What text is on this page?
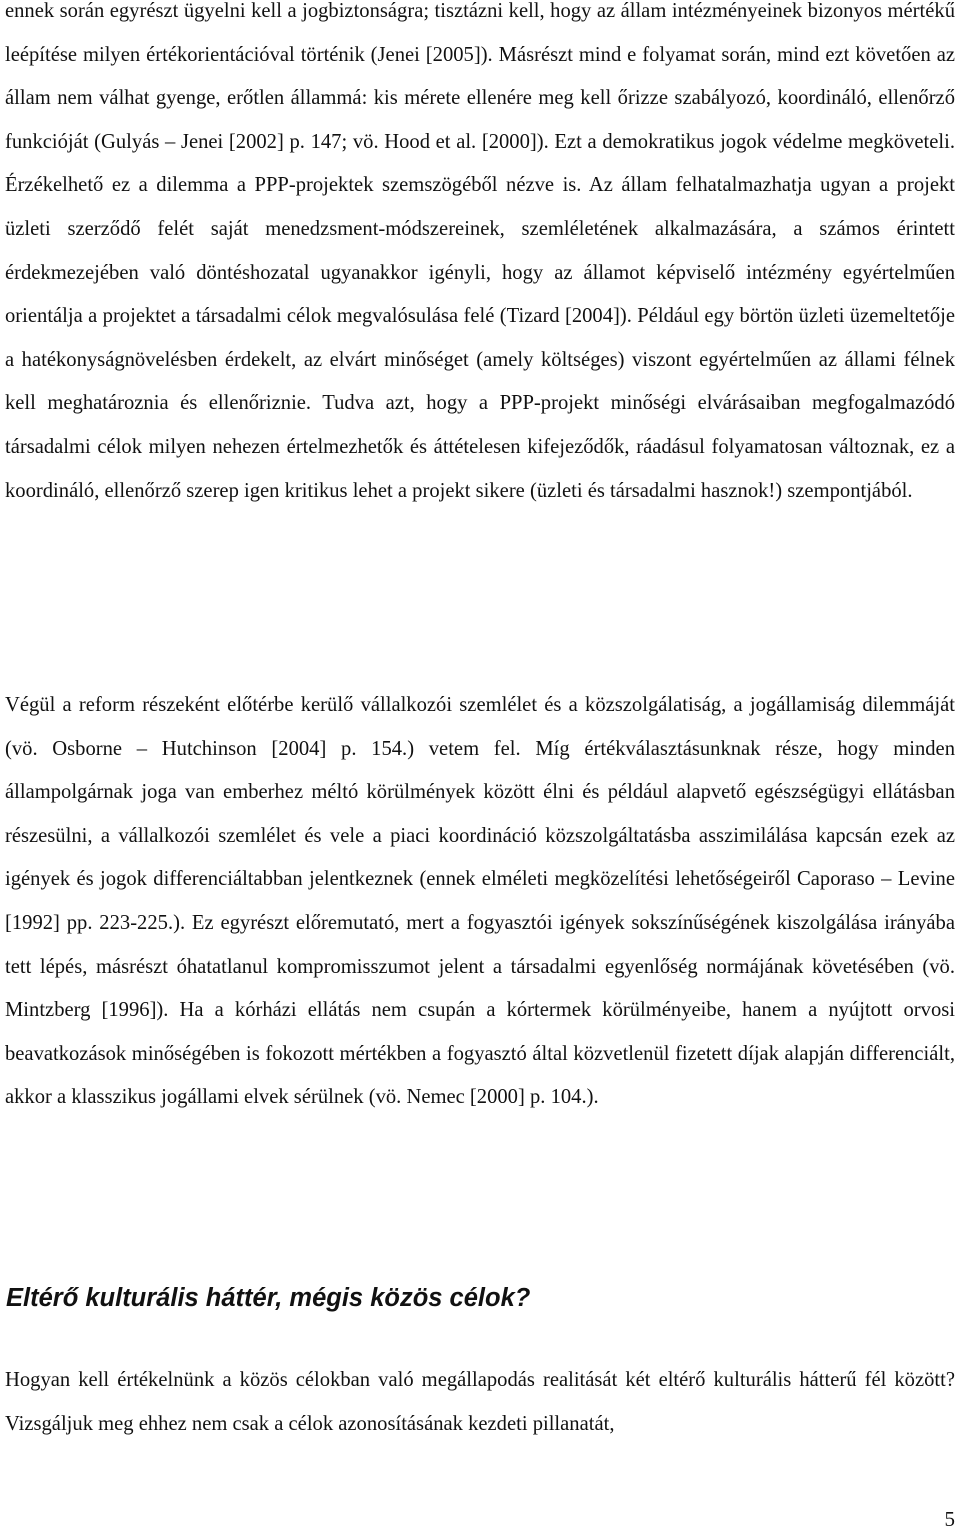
ennek során egyrészt ügyelni kell a jogbiztonságra; tisztázni kell, hogy az állam intézményeinek bizonyos mértékű leépítése milyen értékorientációval történik (Jenei [2005]). Másrészt mind e folyamat során, mind ezt követően az állam nem válhat gyenge, erőtlen állammá: kis mérete ellenére meg kell őrizze szabályozó, koordináló, ellenőrző funkcióját (Gulyás – Jenei [2002] p. 147; vö. Hood et al. [2000]). Ezt a demokratikus jogok védelme megköveteli. Érzékelhető ez a dilemma a PPP-projektek szemszögéből nézve is. Az állam felhatalmazhatja ugyan a projekt üzleti szerződő felét saját menedzsment-módszereinek, szemléletének alkalmazására, a számos érintett érdekmezejében való döntéshozatal ugyanakkor igényli, hogy az államot képviselő intézmény egyértelműen orientálja a projektet a társadalmi célok megvalósulása felé (Tizard [2004]). Például egy börtön üzleti üzemeltetője a hatékonyságnövelésben érdekelt, az elvárt minőséget (amely költséges) viszont egyértelműen az állami félnek kell meghatároznia és ellenőriznie. Tudva azt, hogy a PPP-projekt minőségi elvárásaiban megfogalmazódó társadalmi célok milyen nehezen értelmezhetők és áttételesen kifejeződők, ráadásul folyamatosan változnak, ez a koordináló, ellenőrző szerep igen kritikus lehet a projekt sikere (üzleti és társadalmi hasznok!) szempontjából.

Végül a reform részeként előtérbe kerülő vállalkozói szemlélet és a közszolgálatiság, a jogállamiság dilemmáját (vö. Osborne – Hutchinson [2004] p. 154.) vetem fel. Míg értékválasztásunknak része, hogy minden állampolgárnak joga van emberhez méltó körülmények között élni és például alapvető egészségügyi ellátásban részesülni, a vállalkozói szemlélet és vele a piaci koordináció közszolgáltatásba asszimilálása kapcsán ezek az igények és jogok differenciáltabban jelentkeznek (ennek elméleti megközelítési lehetőségeiről Caporaso – Levine [1992] pp. 223-225.). Ez egyrészt előremutató, mert a fogyasztói igények sokszínűségének kiszolgálása irányába tett lépés, másrészt óhatatlanul kompromisszumot jelent a társadalmi egyenlőség normájának követésében (vö. Mintzberg [1996]). Ha a kórházi ellátás nem csupán a kórtermek körülményeibe, hanem a nyújtott orvosi beavatkozások minőségében is fokozott mértékben a fogyasztó által közvetlenül fizetett díjak alapján differenciált, akkor a klasszikus jogállami elvek sérülnek (vö. Nemec [2000] p. 104.).

Eltérő kulturális háttér, mégis közös célok?

Hogyan kell értékelnünk a közös célokban való megállapodás realitását két eltérő kulturális hátterű fél között? Vizsgáljuk meg ehhez nem csak a célok azonosításának kezdeti pillanatát,

5
